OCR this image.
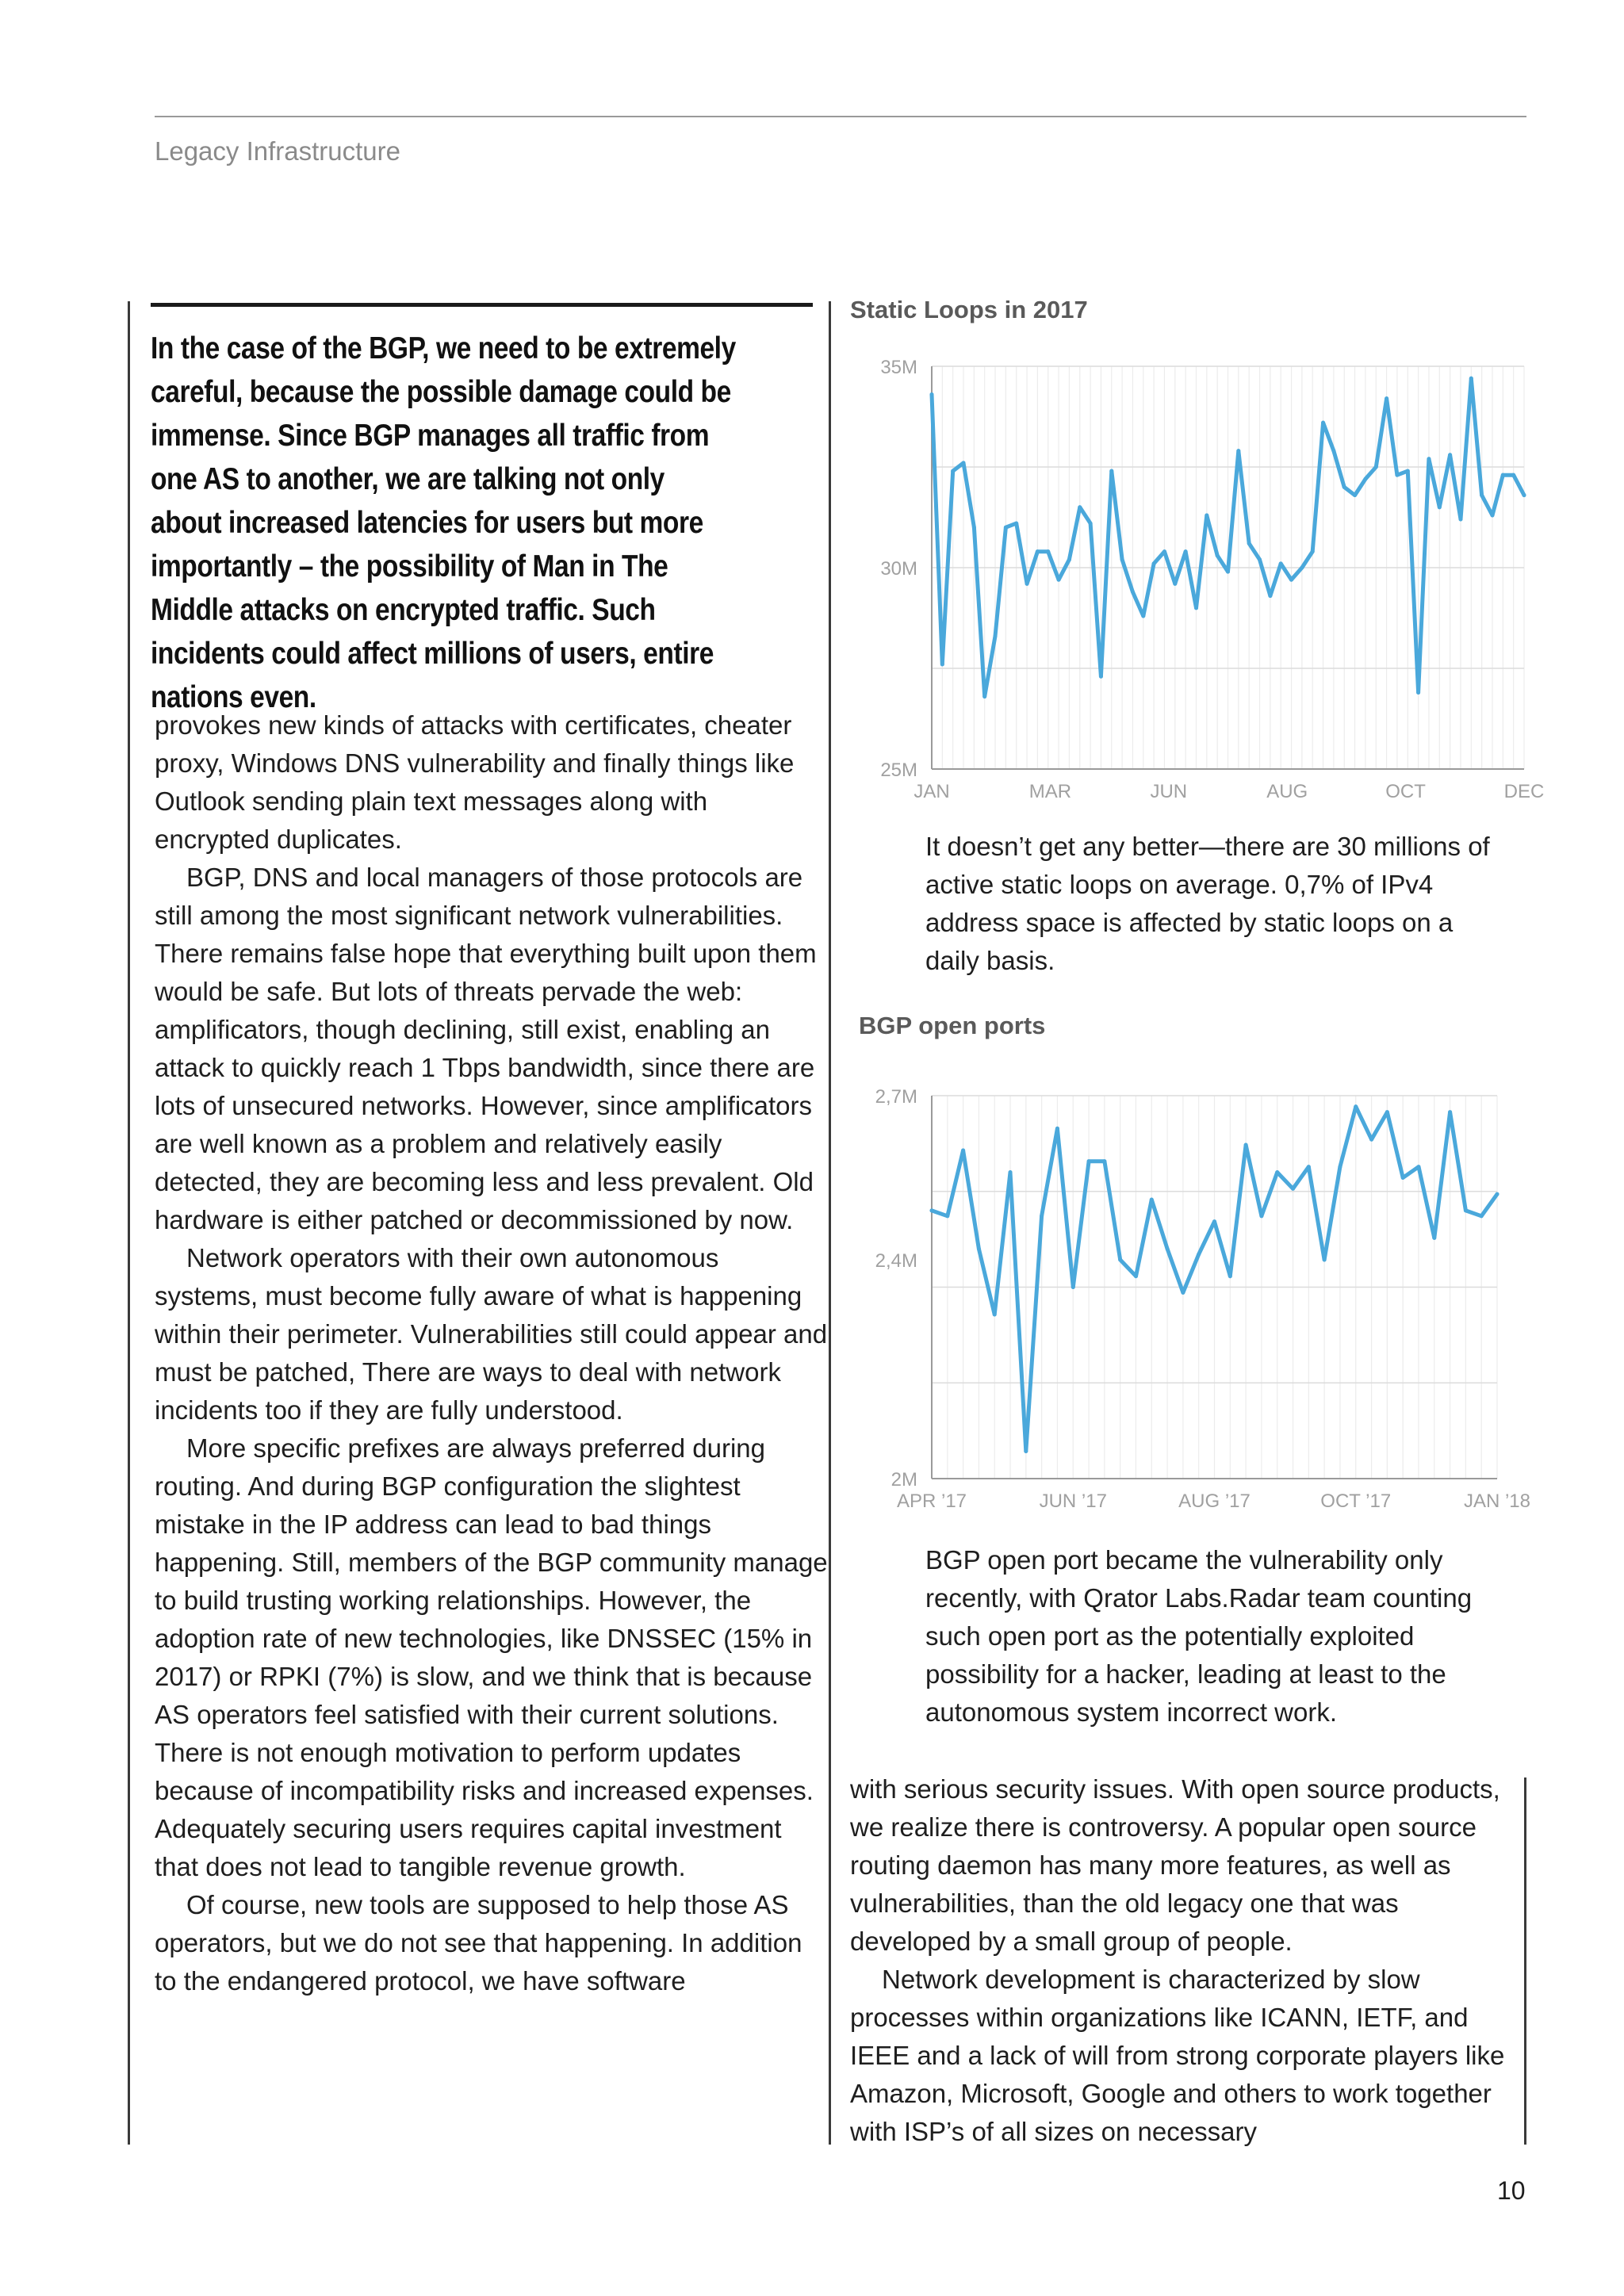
Legacy Infrastructure
In the case of the BGP, we need to be extremely careful, because the possible damage could be immense. Since BGP manages all traffic from one AS to another, we are talking not only about increased latencies for users but more importantly – the possibility of Man in The Middle attacks on encrypted traffic. Such incidents could affect millions of users, entire nations even.

provokes new kinds of attacks with certificates, cheater proxy, Windows DNS vulnerability and finally things like Outlook sending plain text messages along with encrypted duplicates.

BGP, DNS and local managers of those protocols are still among the most significant network vulnerabilities. There remains false hope that everything built upon them would be safe. But lots of threats pervade the web: amplificators, though declining, still exist, enabling an attack to quickly reach 1 Tbps bandwidth, since there are lots of unsecured networks. However, since amplificators are well known as a problem and relatively easily detected, they are becoming less and less prevalent. Old hardware is either patched or decommissioned by now.

Network operators with their own autonomous systems, must become fully aware of what is happening within their perimeter. Vulnerabilities still could appear and must be patched, There are ways to deal with network incidents too if they are fully understood.

More specific prefixes are always preferred during routing. And during BGP configuration the slightest mistake in the IP address can lead to bad things happening. Still, members of the BGP community manage to build trusting working relationships. However, the adoption rate of new technologies, like DNSSEC (15% in 2017) or RPKI (7%) is slow, and we think that is because AS operators feel satisfied with their current solutions. There is not enough motivation to perform updates because of incompatibility risks and increased expenses. Adequately securing users requires capital investment that does not lead to tangible revenue growth.

Of course, new tools are supposed to help those AS operators, but we do not see that happening. In addition to the endangered protocol, we have software

Static Loops in 2017
25M
30M
35M
JAN	MAR	JUN	AUG	OCT	DEC

It doesn’t get any better—there are 30 millions of active static loops on average. 0,7% of IPv4 address space is affected by static loops on a daily basis.

BGP open ports
2M
2,4M
2,7M
APR ’17	JUN ’17	AUG ’17	OCT ’17	JAN ’18

BGP open port became the vulnerability only recently, with Qrator Labs.Radar team counting such open port as the potentially exploited possibility for a hacker, leading at least to the autonomous system incorrect work.

with serious security issues. With open source products, we realize there is controversy. A popular open source routing daemon has many more features, as well as vulnerabilities, than the old legacy one that was developed by a small group of people.

Network development is characterized by slow processes within organizations like ICANN, IETF, and IEEE and a lack of will from strong corporate players like Amazon, Microsoft, Google and others to work together with ISP’s of all sizes on necessary

10
